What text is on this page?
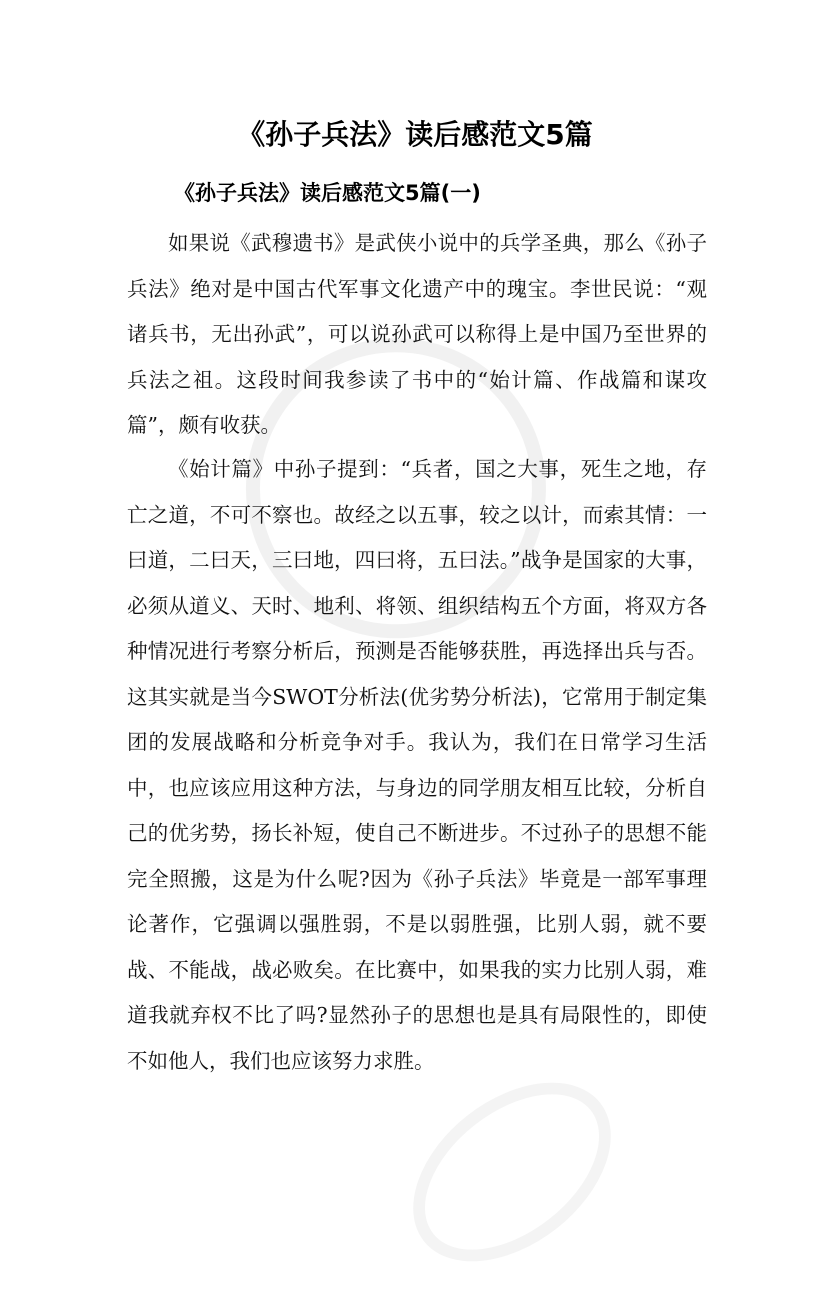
《孙子兵法》读后感范文5篇
《孙子兵法》读后感范文5篇(一)

如果说《武穆遗书》是武侠小说中的兵学圣典，那么《孙子兵法》绝对是中国古代军事文化遗产中的瑰宝。李世民说：“观诸兵书，无出孙武”，可以说孙武可以称得上是中国乃至世界的兵法之祖。这段时间我参读了书中的“始计篇、作战篇和谋攻篇”，颇有收获。

《始计篇》中孙子提到：“兵者，国之大事，死生之地，存亡之道，不可不察也。故经之以五事，较之以计，而索其情：一曰道，二曰天，三曰地，四曰将，五曰法。”战争是国家的大事，必须从道义、天时、地利、将领、组织结构五个方面，将双方各种情况进行考察分析后，预测是否能够获胜，再选择出兵与否。这其实就是当今SWOT分析法(优劣势分析法)，它常用于制定集团的发展战略和分析竞争对手。我认为，我们在日常学习生活中，也应该应用这种方法，与身边的同学朋友相互比较，分析自己的优劣势，扬长补短，使自己不断进步。不过孙子的思想不能完全照搬，这是为什么呢?因为《孙子兵法》毕竟是一部军事理论著作，它强调以强胜弱，不是以弱胜强，比别人弱，就不要战、不能战，战必败矣。在比赛中，如果我的实力比别人弱，难道我就弃权不比了吗?显然孙子的思想也是具有局限性的，即使不如他人，我们也应该努力求胜。
